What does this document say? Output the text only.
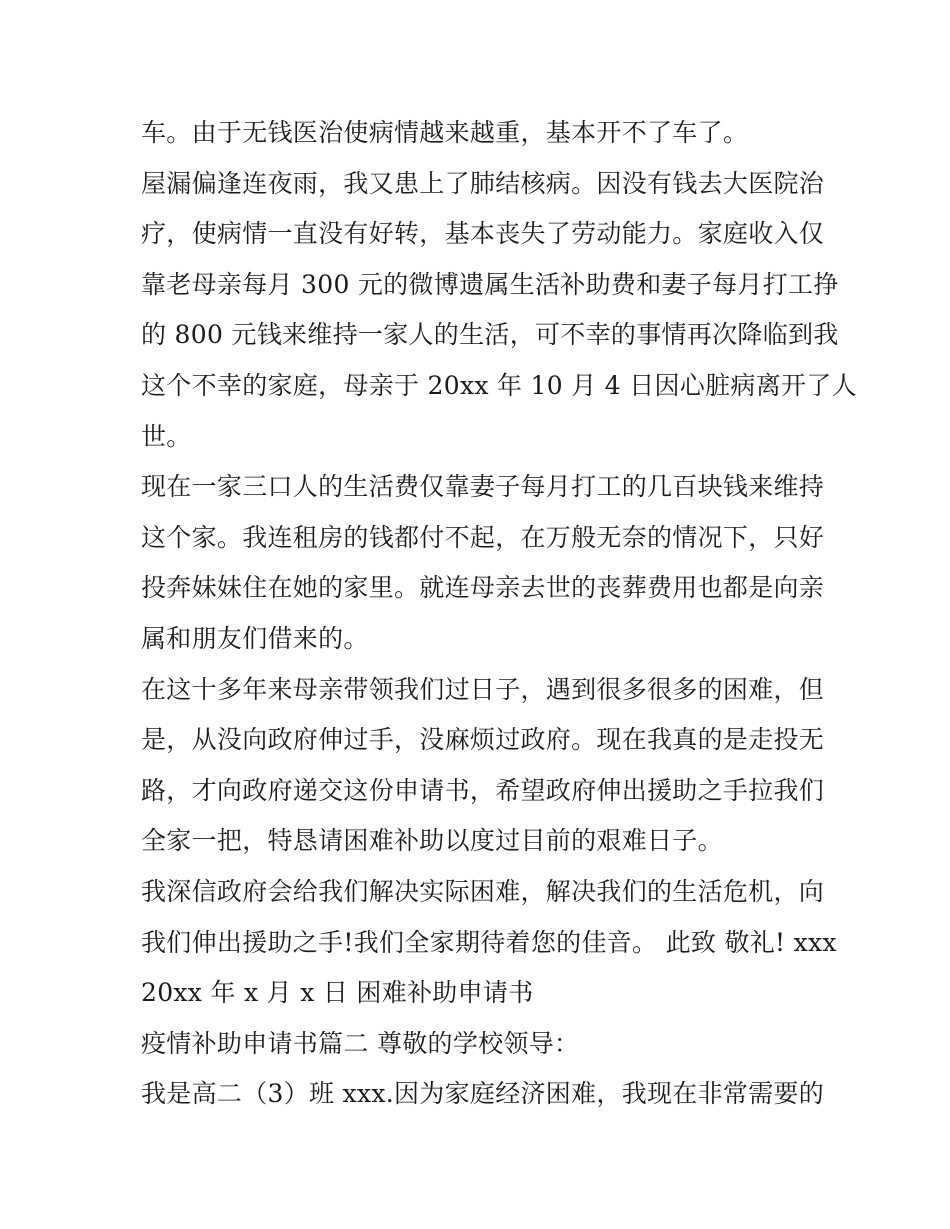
车。由于无钱医治使病情越来越重，基本开不了车了。
屋漏偏逢连夜雨，我又患上了肺结核病。因没有钱去大医院治
疗，使病情一直没有好转，基本丧失了劳动能力。家庭收入仅
靠老母亲每月 300 元的微博遗属生活补助费和妻子每月打工挣
的 800 元钱来维持一家人的生活，可不幸的事情再次降临到我
这个不幸的家庭，母亲于 20xx 年 10 月 4 日因心脏病离开了人
世。
现在一家三口人的生活费仅靠妻子每月打工的几百块钱来维持
这个家。我连租房的钱都付不起，在万般无奈的情况下，只好
投奔妹妹住在她的家里。就连母亲去世的丧葬费用也都是向亲
属和朋友们借来的。
在这十多年来母亲带领我们过日子，遇到很多很多的困难，但
是，从没向政府伸过手，没麻烦过政府。现在我真的是走投无
路，才向政府递交这份申请书，希望政府伸出援助之手拉我们
全家一把，特恳请困难补助以度过目前的艰难日子。
我深信政府会给我们解决实际困难，解决我们的生活危机，向
我们伸出援助之手!我们全家期待着您的佳音。 此致 敬礼! xxx
20xx 年 x 月 x 日 困难补助申请书
疫情补助申请书篇二 尊敬的学校领导：
我是高二（3）班 xxx.因为家庭经济困难，我现在非常需要的
